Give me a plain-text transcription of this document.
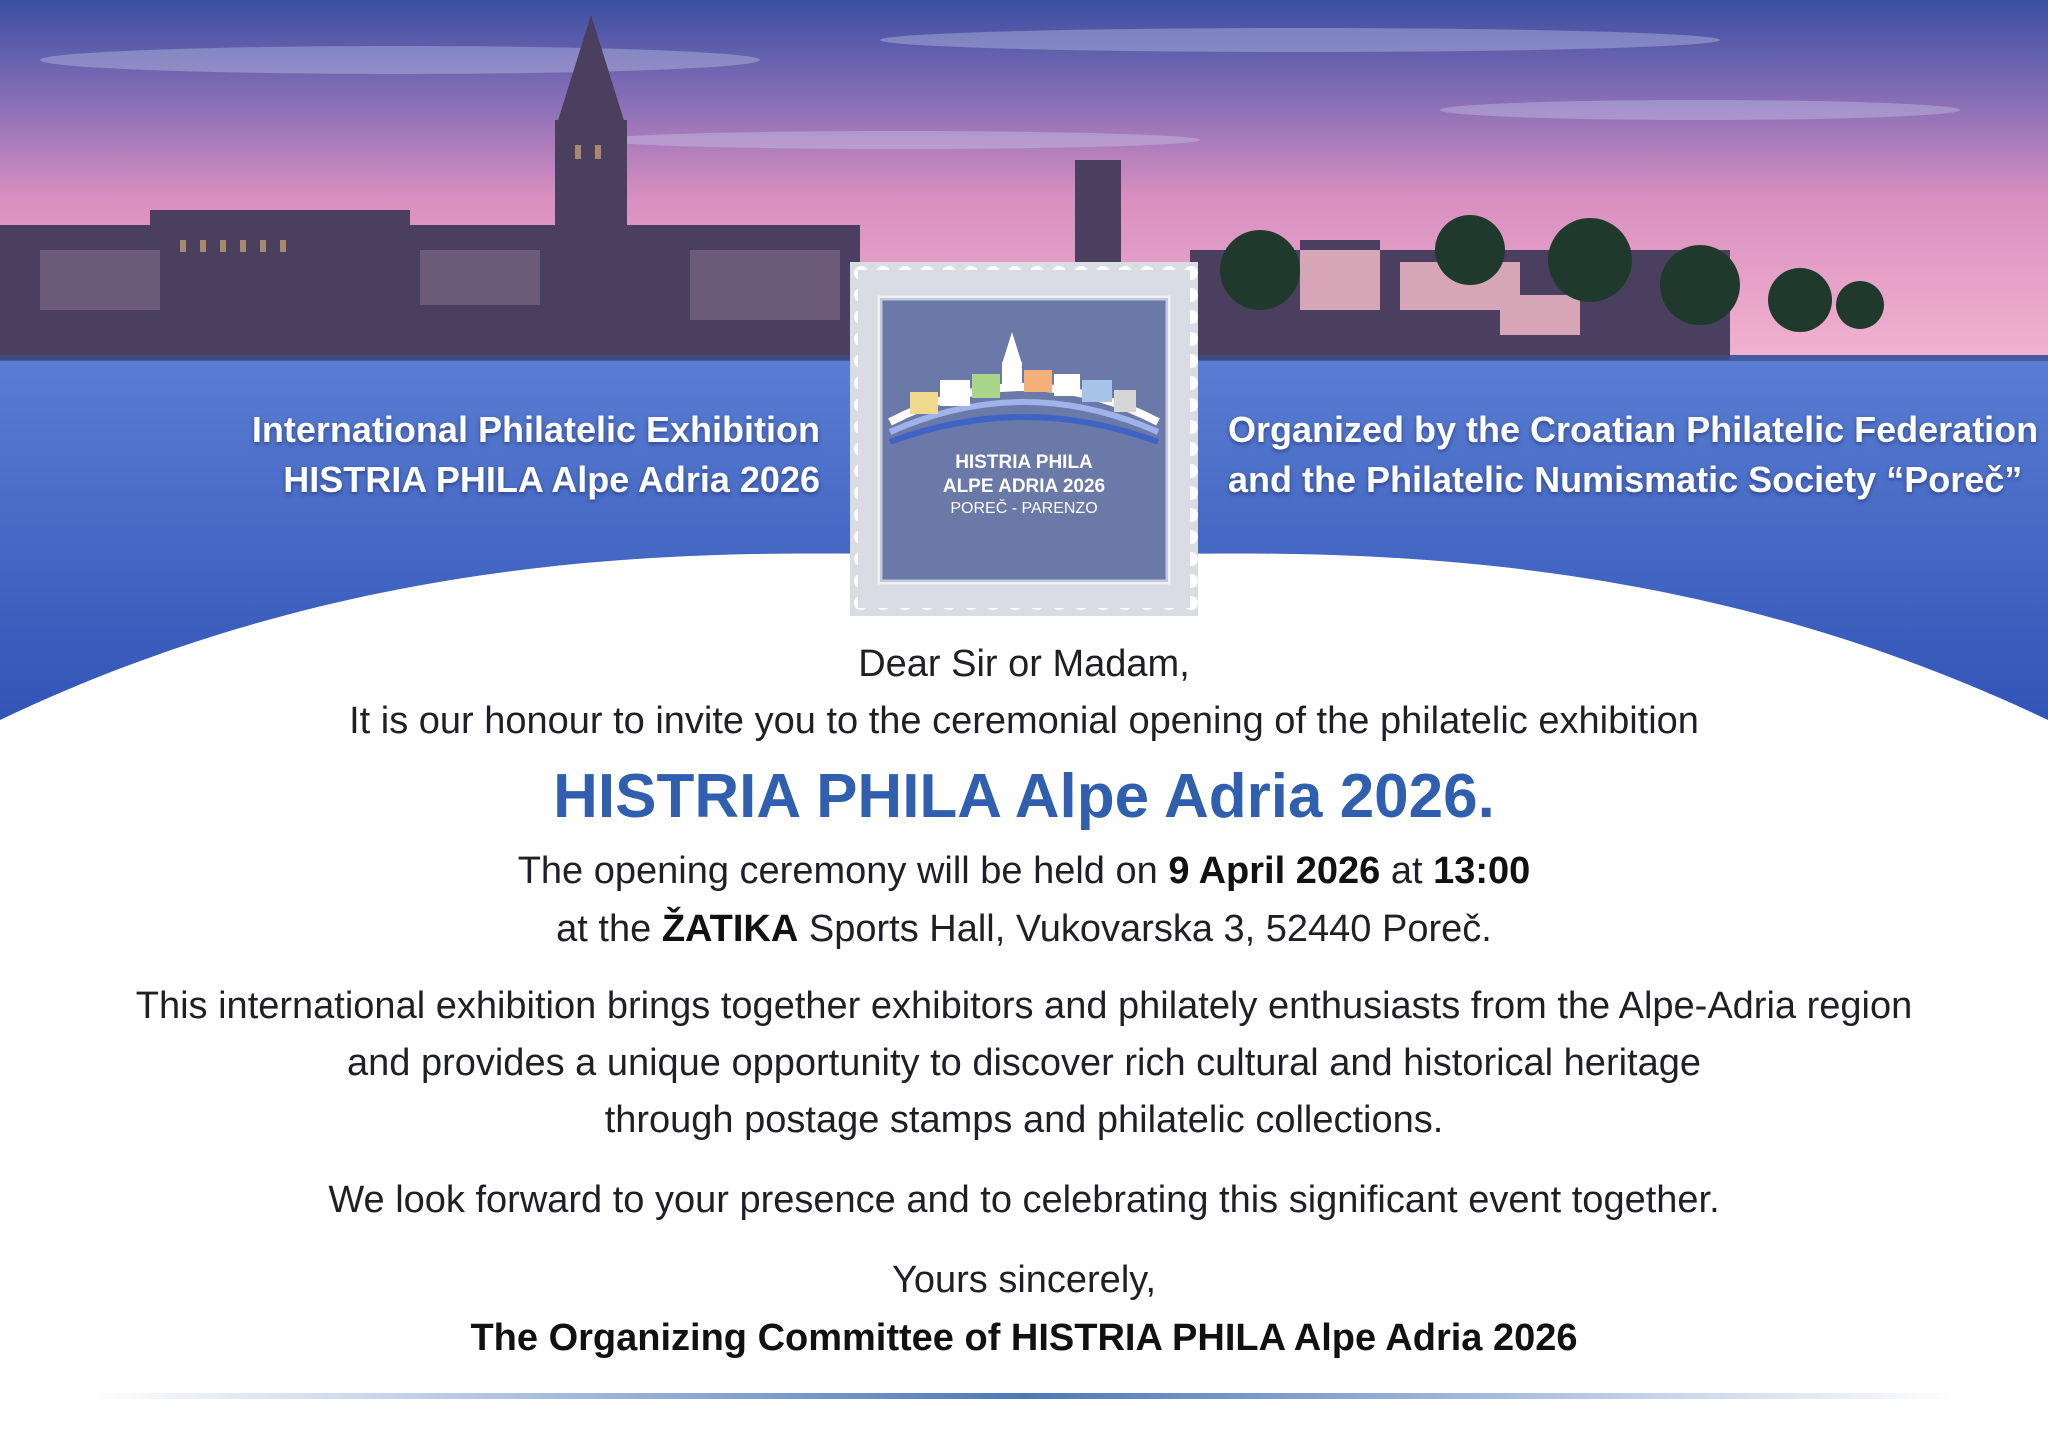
International Philatelic Exhibition
HISTRIA PHILA Alpe Adria 2026
Organized by the Croatian Philatelic Federation
and the Philatelic Numismatic Society “Poreč”
HISTRIA PHILA
ALPE ADRIA 2026
POREČ - PARENZO

Dear Sir or Madam,

It is our honour to invite you to the ceremonial opening of the philatelic exhibition

HISTRIA PHILA Alpe Adria 2026.

The opening ceremony will be held on 9 April 2026 at 13:00

at the ŽATIKA Sports Hall, Vukovarska 3, 52440 Poreč.

This international exhibition brings together exhibitors and philately enthusiasts from the Alpe-Adria region
and provides a unique opportunity to discover rich cultural and historical heritage
through postage stamps and philatelic collections.

We look forward to your presence and to celebrating this significant event together.

Yours sincerely,

The Organizing Committee of HISTRIA PHILA Alpe Adria 2026
